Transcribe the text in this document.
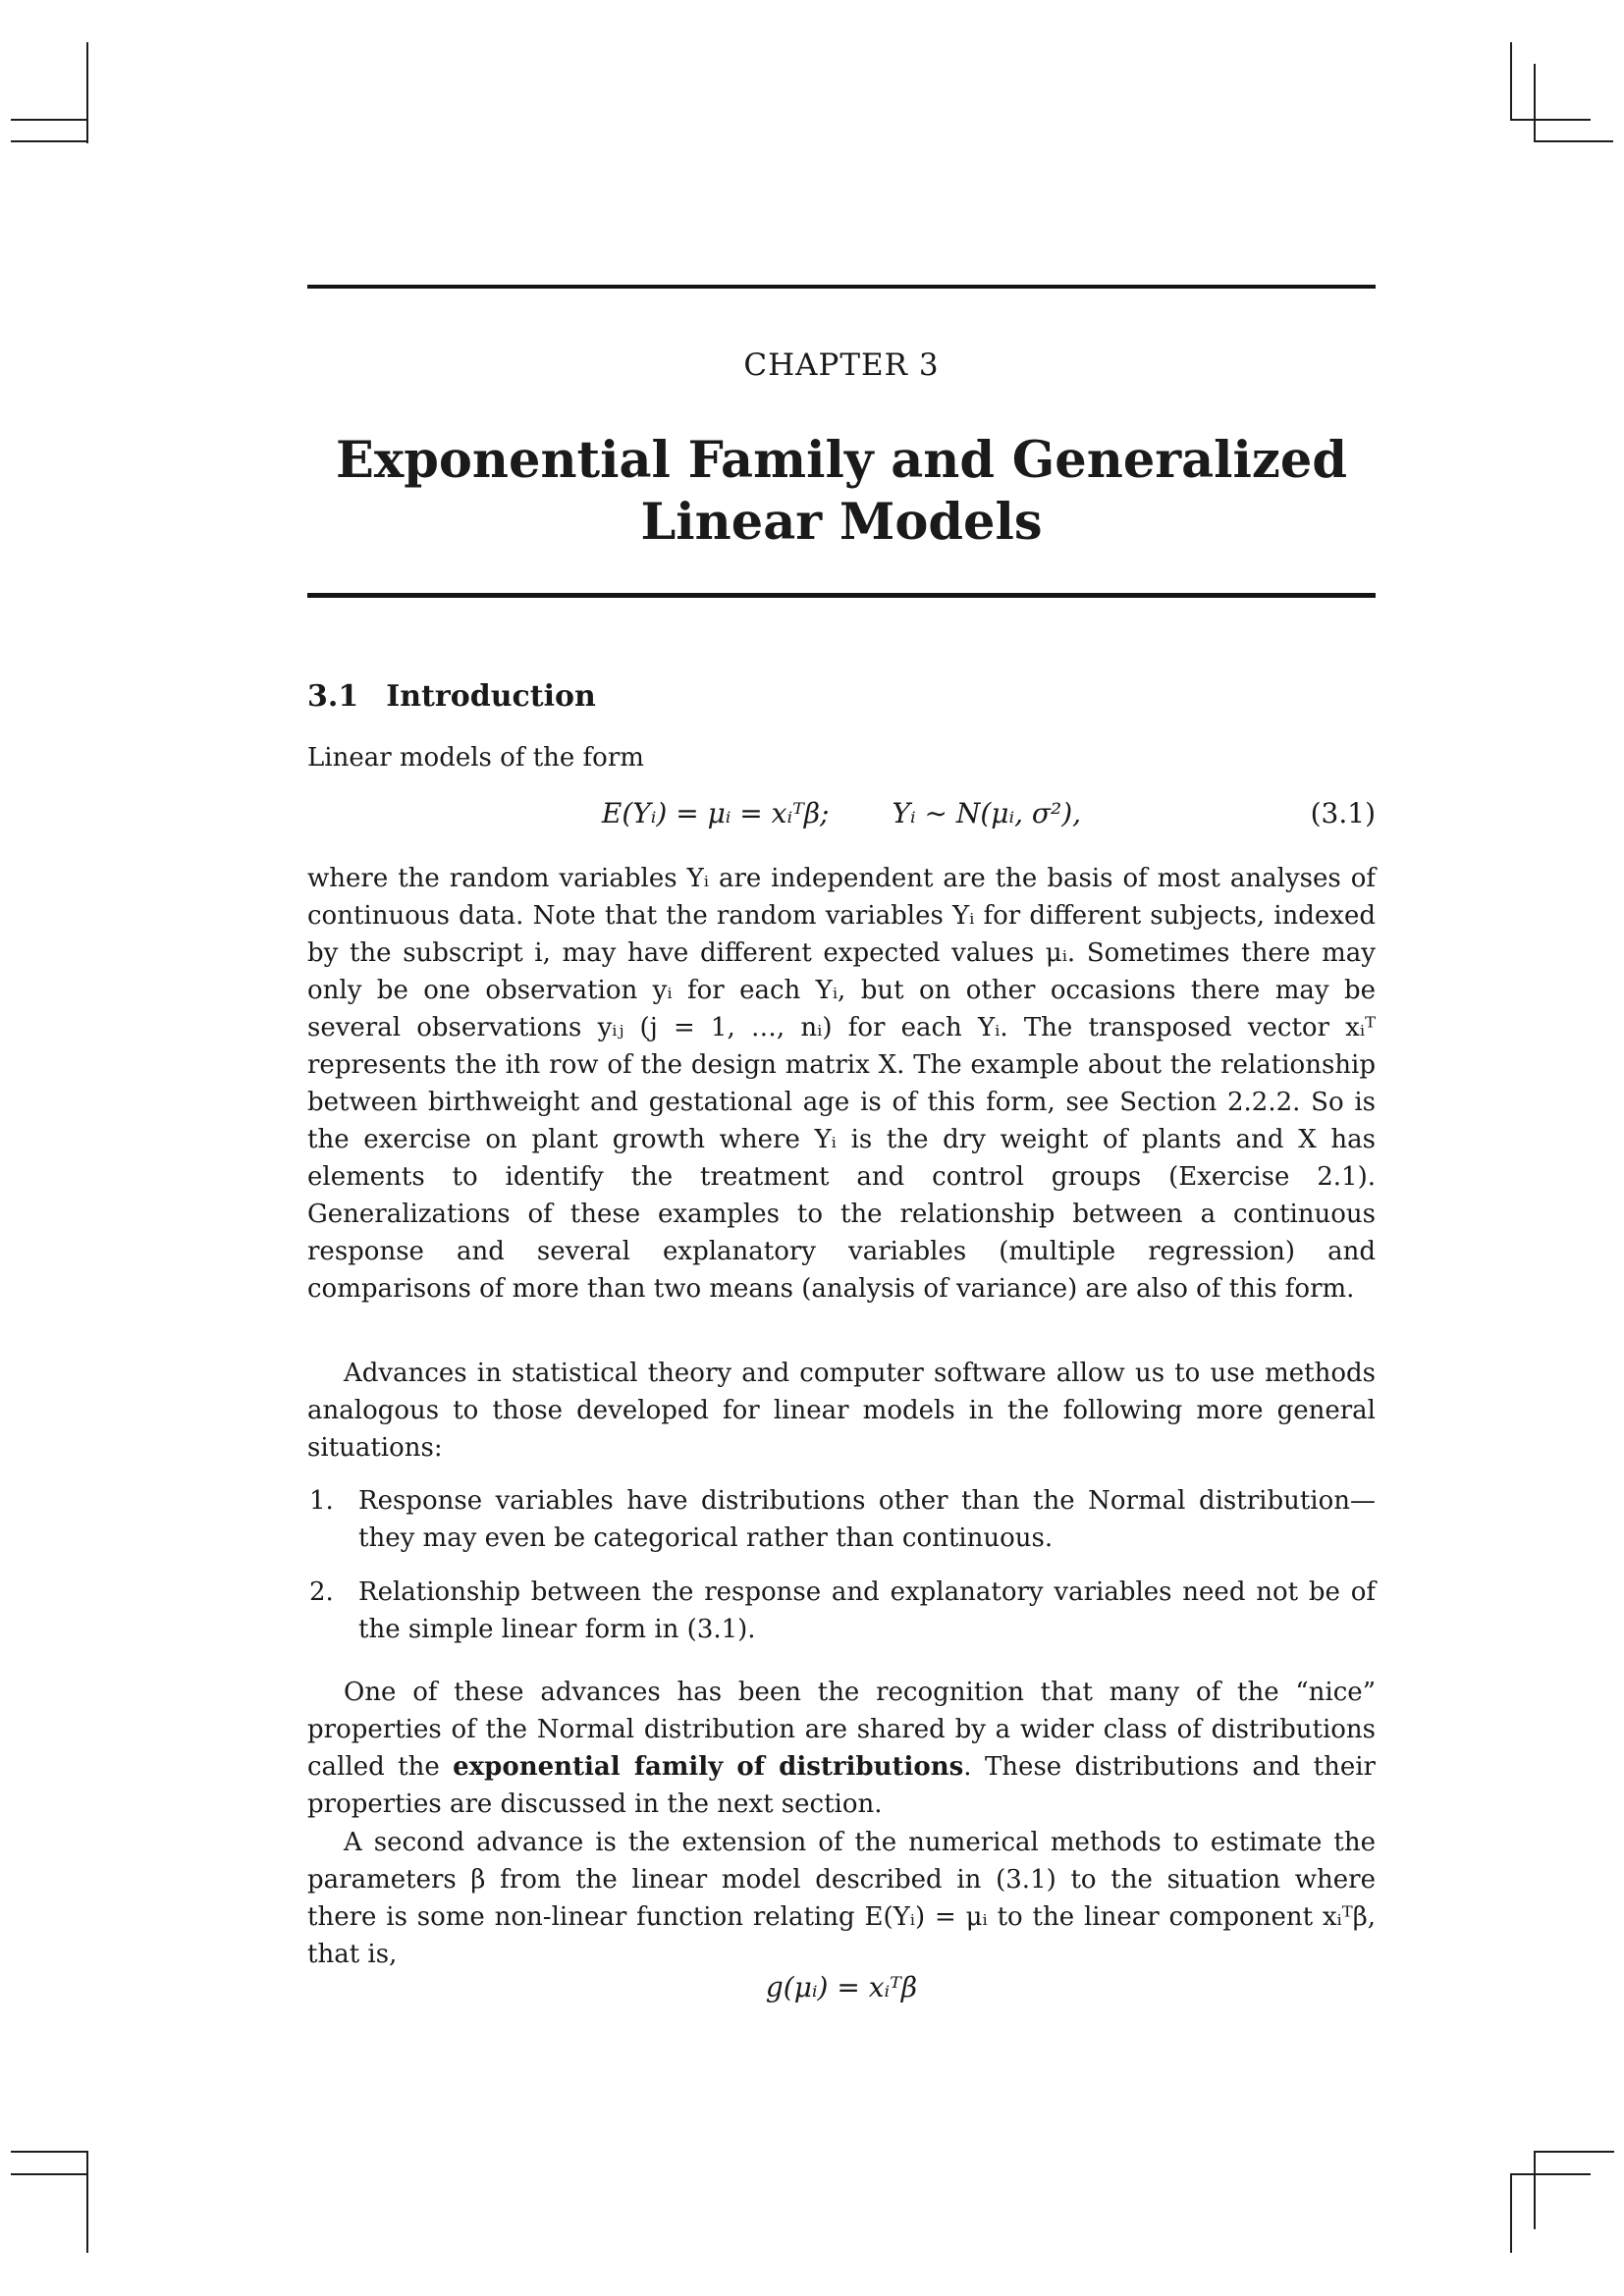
CHAPTER 3
Exponential Family and Generalized
Linear Models
3.1 Introduction
Linear models of the form
E(Yᵢ) = μᵢ = xᵢᵀβ; Yᵢ ∼ N(μᵢ, σ²),	(3.1)
where the random variables Yᵢ are independent are the basis of most analyses of continuous data. Note that the random variables Yᵢ for different subjects, indexed by the subscript i, may have different expected values μᵢ. Sometimes there may only be one observation yᵢ for each Yᵢ, but on other occasions there may be several observations yᵢⱼ (j = 1, …, nᵢ) for each Yᵢ. The transposed vector xᵢᵀ represents the ith row of the design matrix X. The example about the relationship between birthweight and gestational age is of this form, see Section 2.2.2. So is the exercise on plant growth where Yᵢ is the dry weight of plants and X has elements to identify the treatment and control groups (Exercise 2.1). Generalizations of these examples to the relationship between a continuous response and several explanatory variables (multiple regression) and comparisons of more than two means (analysis of variance) are also of this form.
Advances in statistical theory and computer software allow us to use methods analogous to those developed for linear models in the following more general situations:
1. Response variables have distributions other than the Normal distribution—they may even be categorical rather than continuous.
2. Relationship between the response and explanatory variables need not be of the simple linear form in (3.1).
One of these advances has been the recognition that many of the “nice” properties of the Normal distribution are shared by a wider class of distributions called the exponential family of distributions. These distributions and their properties are discussed in the next section.
A second advance is the extension of the numerical methods to estimate the parameters β from the linear model described in (3.1) to the situation where there is some non-linear function relating E(Yᵢ) = μᵢ to the linear component xᵢᵀβ, that is,
g(μᵢ) = xᵢᵀβ
